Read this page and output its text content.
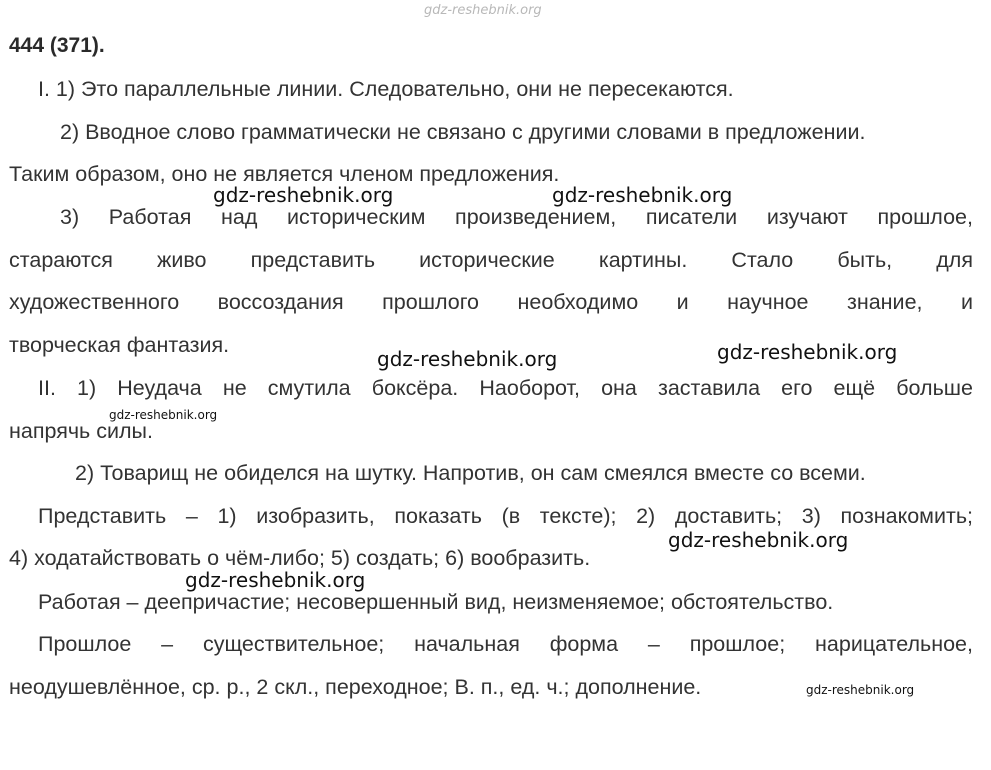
gdz-reshebnik.org
444 (371).
I. 1) Это параллельные линии. Следовательно, они не пересекаются.
2) Вводное слово грамматически не связано с другими словами в предложении.
Таким образом, оно не является членом предложения.
3) Работая над историческим произведением, писатели изучают прошлое,
стараются живо представить исторические картины. Стало быть, для
художественного воссоздания прошлого необходимо и научное знание, и
творческая фантазия.
II. 1) Неудача не смутила боксёра. Наоборот, она заставила его ещё больше
напрячь силы.
2) Товарищ не обиделся на шутку. Напротив, он сам смеялся вместе со всеми.
Представить – 1) изобразить, показать (в тексте); 2) доставить; 3) познакомить;
4) ходатайствовать о чём-либо; 5) создать; 6) вообразить.
Работая – деепричастие; несовершенный вид, неизменяемое; обстоятельство.
Прошлое – существительное; начальная форма – прошлое; нарицательное,
неодушевлённое, ср. р., 2 скл., переходное; В. п., ед. ч.; дополнение.
gdz-reshebnik.org	gdz-reshebnik.org
gdz-reshebnik.org	gdz-reshebnik.org
gdz-reshebnik.org
gdz-reshebnik.org
gdz-reshebnik.org
gdz-reshebnik.org
